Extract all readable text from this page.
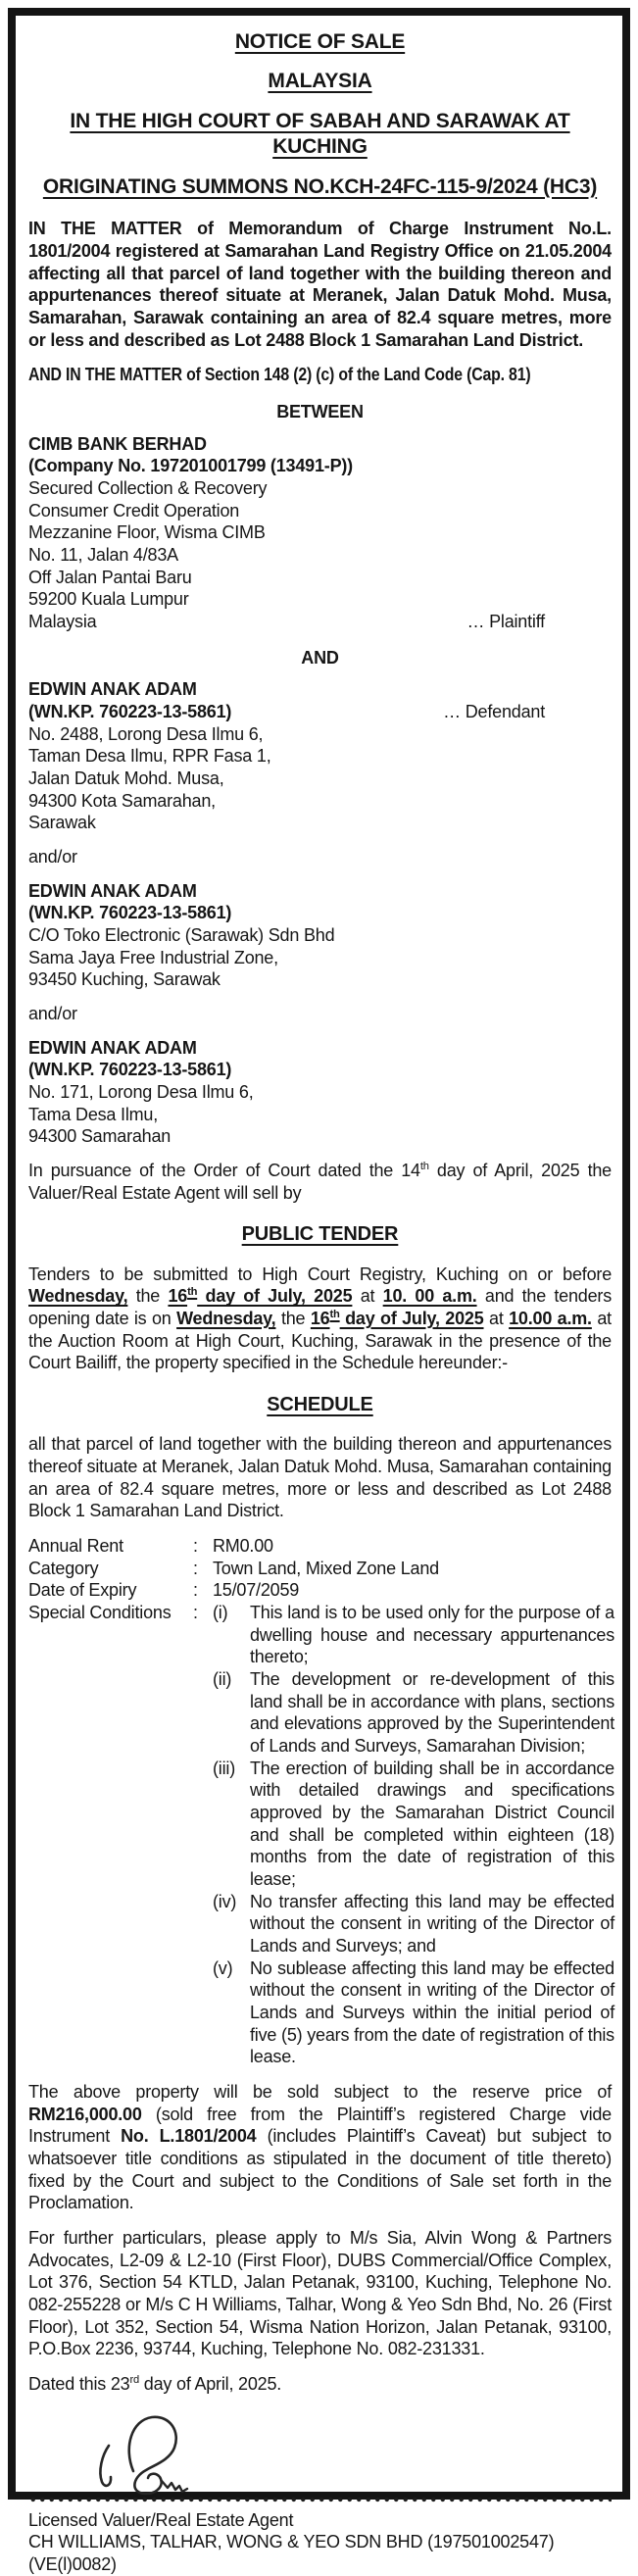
NOTICE OF SALE
MALAYSIA
IN THE HIGH COURT OF SABAH AND SARAWAK AT KUCHING
ORIGINATING SUMMONS NO.KCH-24FC-115-9/2024 (HC3)

IN THE MATTER of Memorandum of Charge Instrument No.L. 1801/2004 registered at Samarahan Land Registry Office on 21.05.2004 affecting all that parcel of land together with the building thereon and appurtenances thereof situate at Meranek, Jalan Datuk Mohd. Musa, Samarahan, Sarawak containing an area of 82.4 square metres, more or less and described as Lot 2488 Block 1 Samarahan Land District.

AND IN THE MATTER of Section 148 (2) (c) of the Land Code (Cap. 81)

BETWEEN
CIMB BANK BERHAD
(Company No. 197201001799 (13491-P))
Secured Collection & Recovery
Consumer Credit Operation
Mezzanine Floor, Wisma CIMB
No. 11, Jalan 4/83A
Off Jalan Pantai Baru
59200 Kuala Lumpur
Malaysia	… Plaintiff
AND
EDWIN ANAK ADAM
(WN.KP. 760223-13-5861)	… Defendant
No. 2488, Lorong Desa Ilmu 6,
Taman Desa Ilmu, RPR Fasa 1,
Jalan Datuk Mohd. Musa,
94300 Kota Samarahan,
Sarawak
and/or
EDWIN ANAK ADAM
(WN.KP. 760223-13-5861)
C/O Toko Electronic (Sarawak) Sdn Bhd
Sama Jaya Free Industrial Zone,
93450 Kuching, Sarawak
and/or
EDWIN ANAK ADAM
(WN.KP. 760223-13-5861)
No. 171, Lorong Desa Ilmu 6,
Tama Desa Ilmu,
94300 Samarahan

In pursuance of the Order of Court dated the 14th day of April, 2025 the Valuer/Real Estate Agent will sell by

PUBLIC TENDER

Tenders to be submitted to High Court Registry, Kuching on or before Wednesday, the 16th day of July, 2025 at 10. 00 a.m. and the tenders opening date is on Wednesday, the 16th day of July, 2025 at 10.00 a.m. at the Auction Room at High Court, Kuching, Sarawak in the presence of the Court Bailiff, the property specified in the Schedule hereunder:-

SCHEDULE

all that parcel of land together with the building thereon and appurtenances thereof situate at Meranek, Jalan Datuk Mohd. Musa, Samarahan containing an area of 82.4 square metres, more or less and described as Lot 2488 Block 1 Samarahan Land District.

Annual Rent	: RM0.00
Category	: Town Land, Mixed Zone Land
Date of Expiry	: 15/07/2059
Special Conditions	: (i)	This land is to be used only for the purpose of a dwelling house and necessary appurtenances thereto;
(ii)	The development or re-development of this land shall be in accordance with plans, sections and elevations approved by the Superintendent of Lands and Surveys, Samarahan Division;
(iii) The erection of building shall be in accordance with detailed drawings and specifications approved by the Samarahan District Council and shall be completed within eighteen (18) months from the date of registration of this lease;
(iv) No transfer affecting this land may be effected without the consent in writing of the Director of Lands and Surveys; and
(v) No sublease affecting this land may be effected without the consent in writing of the Director of Lands and Surveys within the initial period of five (5) years from the date of registration of this lease.

The above property will be sold subject to the reserve price of RM216,000.00 (sold free from the Plaintiff’s registered Charge vide Instrument No. L.1801/2004 (includes Plaintiff’s Caveat) but subject to whatsoever title conditions as stipulated in the document of title thereto) fixed by the Court and subject to the Conditions of Sale set forth in the Proclamation.

For further particulars, please apply to M/s Sia, Alvin Wong & Partners Advocates, L2-09 & L2-10 (First Floor), DUBS Commercial/Office Complex, Lot 376, Section 54 KTLD, Jalan Petanak, 93100, Kuching, Telephone No. 082-255228 or M/s C H Williams, Talhar, Wong & Yeo Sdn Bhd, No. 26 (First Floor), Lot 352, Section 54, Wisma Nation Horizon, Jalan Petanak, 93100, P.O.Box 2236, 93744, Kuching, Telephone No. 082-231331.

Dated this 23rd day of April, 2025.

Licensed Valuer/Real Estate Agent
CH WILLIAMS, TALHAR, WONG & YEO SDN BHD (197501002547) (VE(l)0082)
